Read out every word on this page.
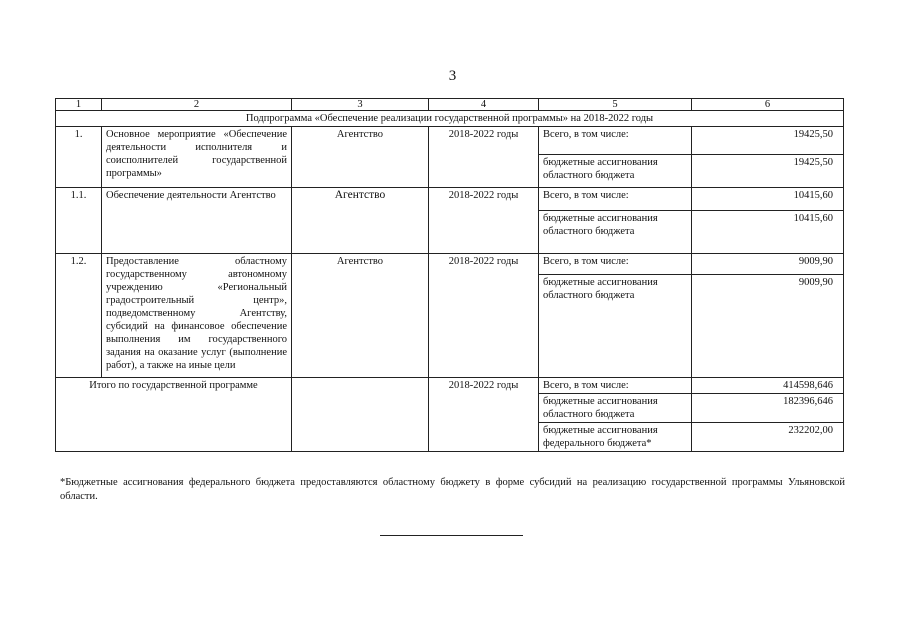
3
1	2	3	4	5	6
Подпрограмма «Обеспечение реализации государственной программы» на 2018-2022 годы					
1.	Основное мероприятие «Обеспечение деятельности исполнителя и соисполнителей государственной программы»	Агентство	2018-2022 годы	Всего, в том числе:	19425,50
				бюджетные ассигнования областного бюджета	19425,50
1.1.	Обеспечение деятельности Агентство	Агентство	2018-2022 годы	Всего, в том числе:	10415,60
				бюджетные ассигнования областного бюджета	10415,60
1.2.	Предоставление областному государственному автономному учреждению «Региональный градостроительный центр», подведомственному Агентству, субсидий на финансовое обеспечение выполнения им государственного задания на оказание услуг (выполнение работ), а также на иные цели	Агентство	2018-2022 годы	Всего, в том числе:	9009,90
				бюджетные ассигнования областного бюджета	9009,90
Итого по государственной программе			2018-2022 годы	Всего, в том числе:	414598,646
				бюджетные ассигнования областного бюджета	182396,646
				бюджетные ассигнования федерального бюджета*	232202,00
*Бюджетные ассигнования федерального бюджета предоставляются областному бюджету в форме субсидий на реализацию государственной программы Ульяновской области.
